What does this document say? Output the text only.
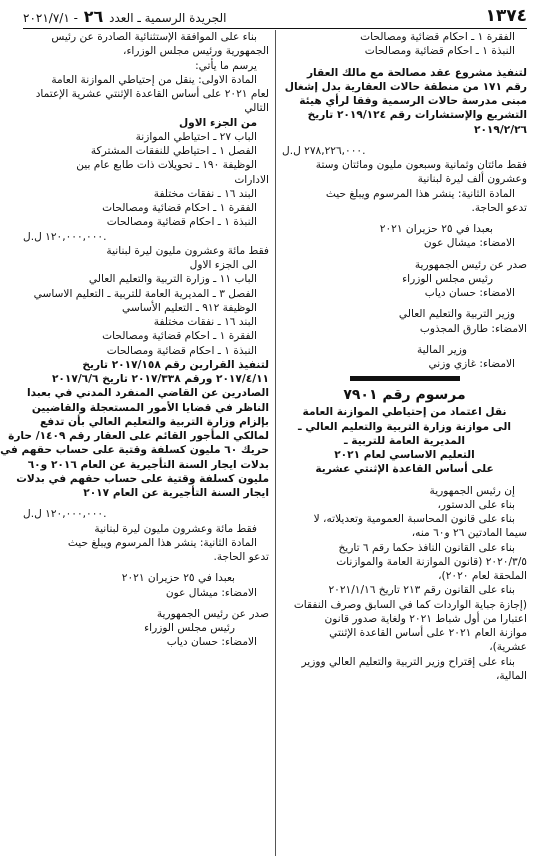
١٣٧٤
الجريدة الرسمية ـ العدد ٢٦ - ٢٠٢١/٧/١
الفقرة ١ ـ احكام قضائية ومصالحات
النبذة ١ ـ احكام قضائية ومصالحات
لتنفيذ مشروع عقد مصالحة مع مالك العقار
رقم ١٧١ من منطقة حالات العقارية بدل إشغال
مبنى مدرسة حالات الرسمية وفقا لرأي هيئة
التشريع والإستشارات رقم ٢٠١٩/١٢٤ تاريخ
٢٠١٩/٢/٢٦
٢٧٨,٢٢٦,٠٠٠ ل.ل.
فقط مائتان وثمانية وسبعون مليون ومائتان وستة
وعشرون ألف ليرة لبنانية
المادة الثانية: ينشر هذا المرسوم ويبلغ حيث
تدعو الحاجة.
بعبدا في ٢٥ حزيران ٢٠٢١
الامضاء: ميشال عون
صدر عن رئيس الجمهورية
رئيس مجلس الوزراء
الامضاء: حسان دياب
وزير التربية والتعليم العالي
الامضاء: طارق المجذوب
وزير المالية
الامضاء: غازي وزني
مرسوم رقم ٧٩٠١
نقل اعتماد من إحتياطي الموازنة العامة
الى موازنة وزارة التربية والتعليم العالي ـ
المديرية العامة للتربية ـ
التعليم الاساسي لعام ٢٠٢١
على أساس القاعدة الإثنتي عشرية
إن رئيس الجمهورية
بناء على الدستور،
بناء على قانون المحاسبة العمومية وتعديلاته، لا
سيما المادتين ٢٦ و٦٠ منه،
بناء على القانون النافذ حكما رقم ٦ تاريخ
٢٠٢٠/٣/٥ (قانون الموازنة العامة والموازنات
الملحقة لعام ٢٠٢٠)،
بناء على القانون رقم ٢١٣ تاريخ ٢٠٢١/١/١٦
(إجازة جباية الواردات كما في السابق وصرف النفقات
اعتبارا من أول شباط ٢٠٢١ ولغاية صدور قانون
موازنة العام ٢٠٢١ على أساس القاعدة الإثنتي
عشرية)،
بناء على إقتراح وزير التربية والتعليم العالي ووزير
المالية،
بناء على الموافقة الإستثنائية الصادرة عن رئيس
الجمهورية ورئيس مجلس الوزراء،
يرسم ما يأتي:
المادة الاولى: ينقل من إحتياطي الموازنة العامة
لعام ٢٠٢١ على أساس القاعدة الإثنتي عشرية الإعتماد
التالي
من الجزء الاول
الباب ٢٧ ـ احتياطي الموازنة
الفصل ١ ـ احتياطي للنفقات المشتركة
الوظيفة ١٩٠ ـ تحويلات ذات طابع عام بين
الادارات
البند ١٦ ـ نفقات مختلفة
الفقرة ١ ـ احكام قضائية ومصالحات
النبذة ١ ـ احكام قضائية ومصالحات
١٢٠,٠٠٠,٠٠٠ ل.ل.
فقط مائة وعشرون مليون ليرة لبنانية
الى الجزء الاول
الباب ١١ ـ وزارة التربية والتعليم العالي
الفصل ٣ ـ المديرية العامة للتربية ـ التعليم الاساسي
الوظيفة ٩١٢ ـ التعليم الأساسي
البند ١٦ ـ نفقات مختلفة
الفقرة ١ ـ احكام قضائية ومصالحات
النبذة ١ ـ احكام قضائية ومصالحات
لتنفيذ القرارين رقم ٢٠١٧/١٥٨ تاريخ
٢٠١٧/٤/١١ ورقم ٢٠١٧/٣٣٨ تاريخ ٢٠١٧/٦/٦
الصادرين عن القاضي المنفرد المدني في بعبدا
الناظر في قضايا الأمور المستعجلة والقاضيين
بإلزام وزارة التربية والتعليم العالي بأن تدفع
لمالكي المأجور القائم على العقار رقم ١٤٠٩/ حارة
حريك ٦٠ مليون كسلفة وقتية على حساب حقهم في
بدلات ايجار السنة التأجيرية عن العام ٢٠١٦ و٦٠
مليون كسلفة وقتية على حساب حقهم في بدلات
ايجار السنة التأجيرية عن العام ٢٠١٧
١٢٠,٠٠٠,٠٠٠ ل.ل.
فقط مائة وعشرون مليون ليرة لبنانية
المادة الثانية: ينشر هذا المرسوم ويبلغ حيث
تدعو الحاجة.
بعبدا في ٢٥ حزيران ٢٠٢١
الامضاء: ميشال عون
صدر عن رئيس الجمهورية
رئيس مجلس الوزراء
الامضاء: حسان دياب
